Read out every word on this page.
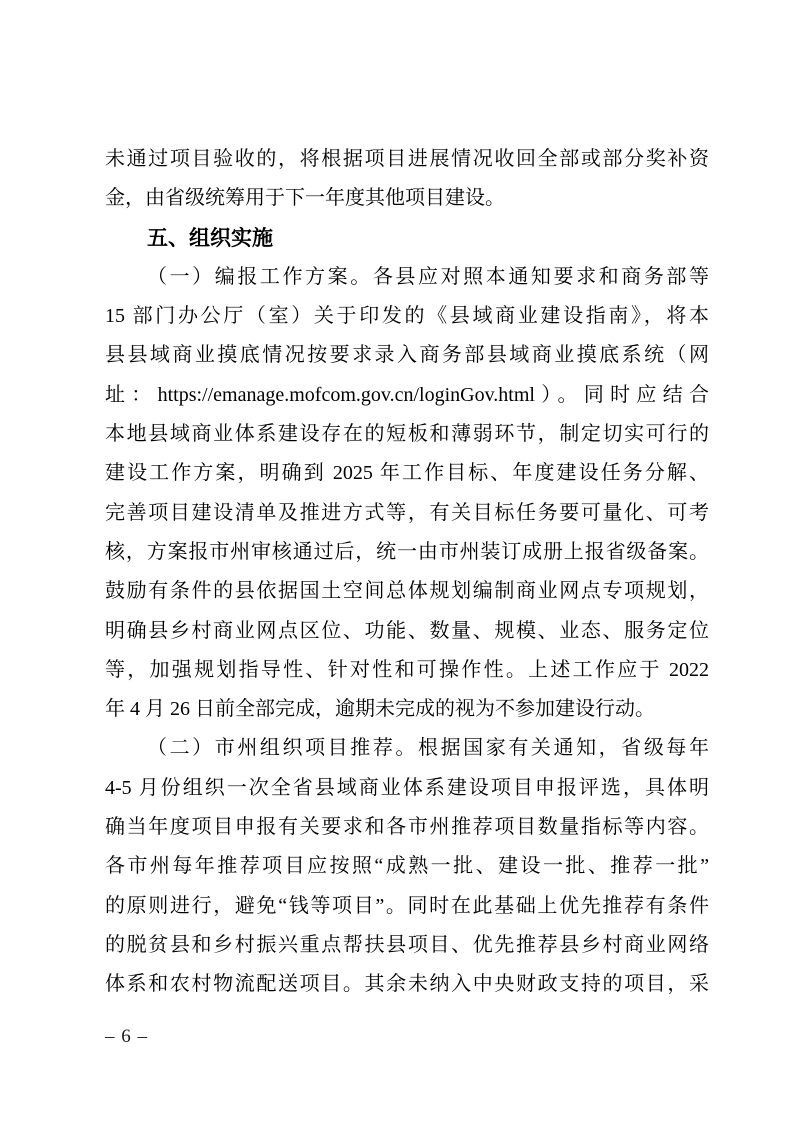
未通过项目验收的，将根据项目进展情况收回全部或部分奖补资
金，由省级统筹用于下一年度其他项目建设。
五、组织实施
（一）编报工作方案。各县应对照本通知要求和商务部等
15 部门办公厅（室）关于印发的《县域商业建设指南》，将本
县县域商业摸底情况按要求录入商务部县域商业摸底系统（网
址：https://emanage.mofcom.gov.cn/loginGov.html）。同时应结合
本地县域商业体系建设存在的短板和薄弱环节，制定切实可行的
建设工作方案，明确到 2025 年工作目标、年度建设任务分解、
完善项目建设清单及推进方式等，有关目标任务要可量化、可考
核，方案报市州审核通过后，统一由市州装订成册上报省级备案。
鼓励有条件的县依据国土空间总体规划编制商业网点专项规划，
明确县乡村商业网点区位、功能、数量、规模、业态、服务定位
等，加强规划指导性、针对性和可操作性。上述工作应于 2022
年 4 月 26 日前全部完成，逾期未完成的视为不参加建设行动。
（二）市州组织项目推荐。根据国家有关通知，省级每年
4-5 月份组织一次全省县域商业体系建设项目申报评选，具体明
确当年度项目申报有关要求和各市州推荐项目数量指标等内容。
各市州每年推荐项目应按照“成熟一批、建设一批、推荐一批”
的原则进行，避免“钱等项目”。同时在此基础上优先推荐有条件
的脱贫县和乡村振兴重点帮扶县项目、优先推荐县乡村商业网络
体系和农村物流配送项目。其余未纳入中央财政支持的项目，采
– 6 –
